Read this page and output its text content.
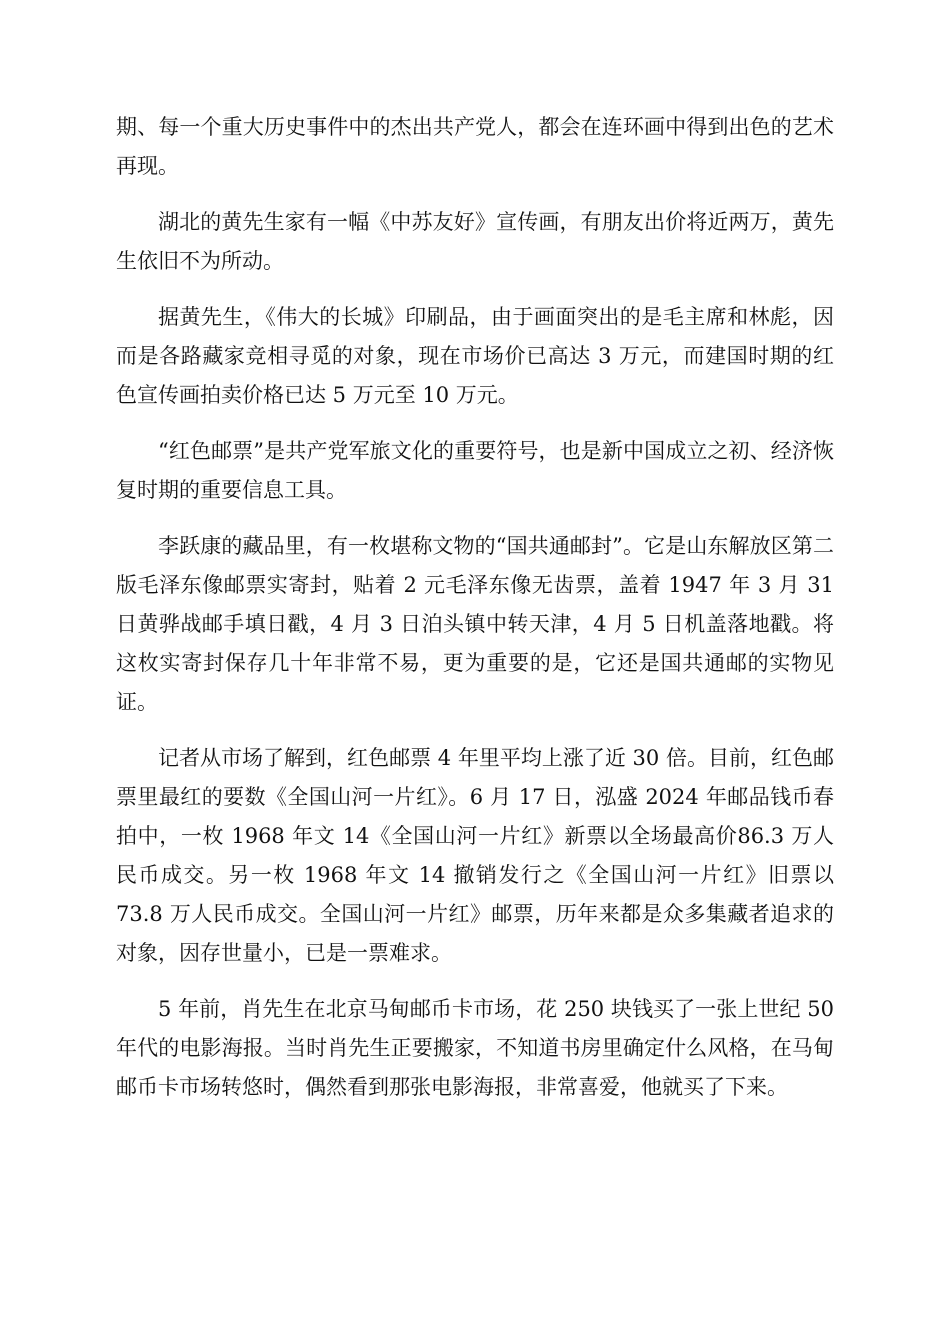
期、每一个重大历史事件中的杰出共产党人，都会在连环画中得到出色的艺术再现。

湖北的黄先生家有一幅《中苏友好》宣传画，有朋友出价将近两万，黄先生依旧不为所动。

据黄先生，《伟大的长城》印刷品，由于画面突出的是毛主席和林彪，因而是各路藏家竞相寻觅的对象，现在市场价已高达 3 万元，而建国时期的红色宣传画拍卖价格已达 5 万元至 10 万元。

“红色邮票”是共产党军旅文化的重要符号，也是新中国成立之初、经济恢复时期的重要信息工具。

李跃康的藏品里，有一枚堪称文物的“国共通邮封”。它是山东解放区第二版毛泽东像邮票实寄封，贴着 2 元毛泽东像无齿票，盖着 1947 年 3 月 31 日黄骅战邮手填日戳，4 月 3 日泊头镇中转天津，4 月 5 日机盖落地戳。将这枚实寄封保存几十年非常不易，更为重要的是，它还是国共通邮的实物见证。

记者从市场了解到，红色邮票 4 年里平均上涨了近 30 倍。目前，红色邮票里最红的要数《全国山河一片红》。6 月 17 日，泓盛 2024 年邮品钱币春拍中，一枚 1968 年文 14《全国山河一片红》新票以全场最高价86.3 万人民币成交。另一枚 1968 年文 14 撤销发行之《全国山河一片红》旧票以 73.8 万人民币成交。全国山河一片红》邮票，历年来都是众多集藏者追求的对象，因存世量小，已是一票难求。

5 年前，肖先生在北京马甸邮币卡市场，花 250 块钱买了一张上世纪 50 年代的电影海报。当时肖先生正要搬家，不知道书房里确定什么风格，在马甸邮币卡市场转悠时，偶然看到那张电影海报，非常喜爱，他就买了下来。
